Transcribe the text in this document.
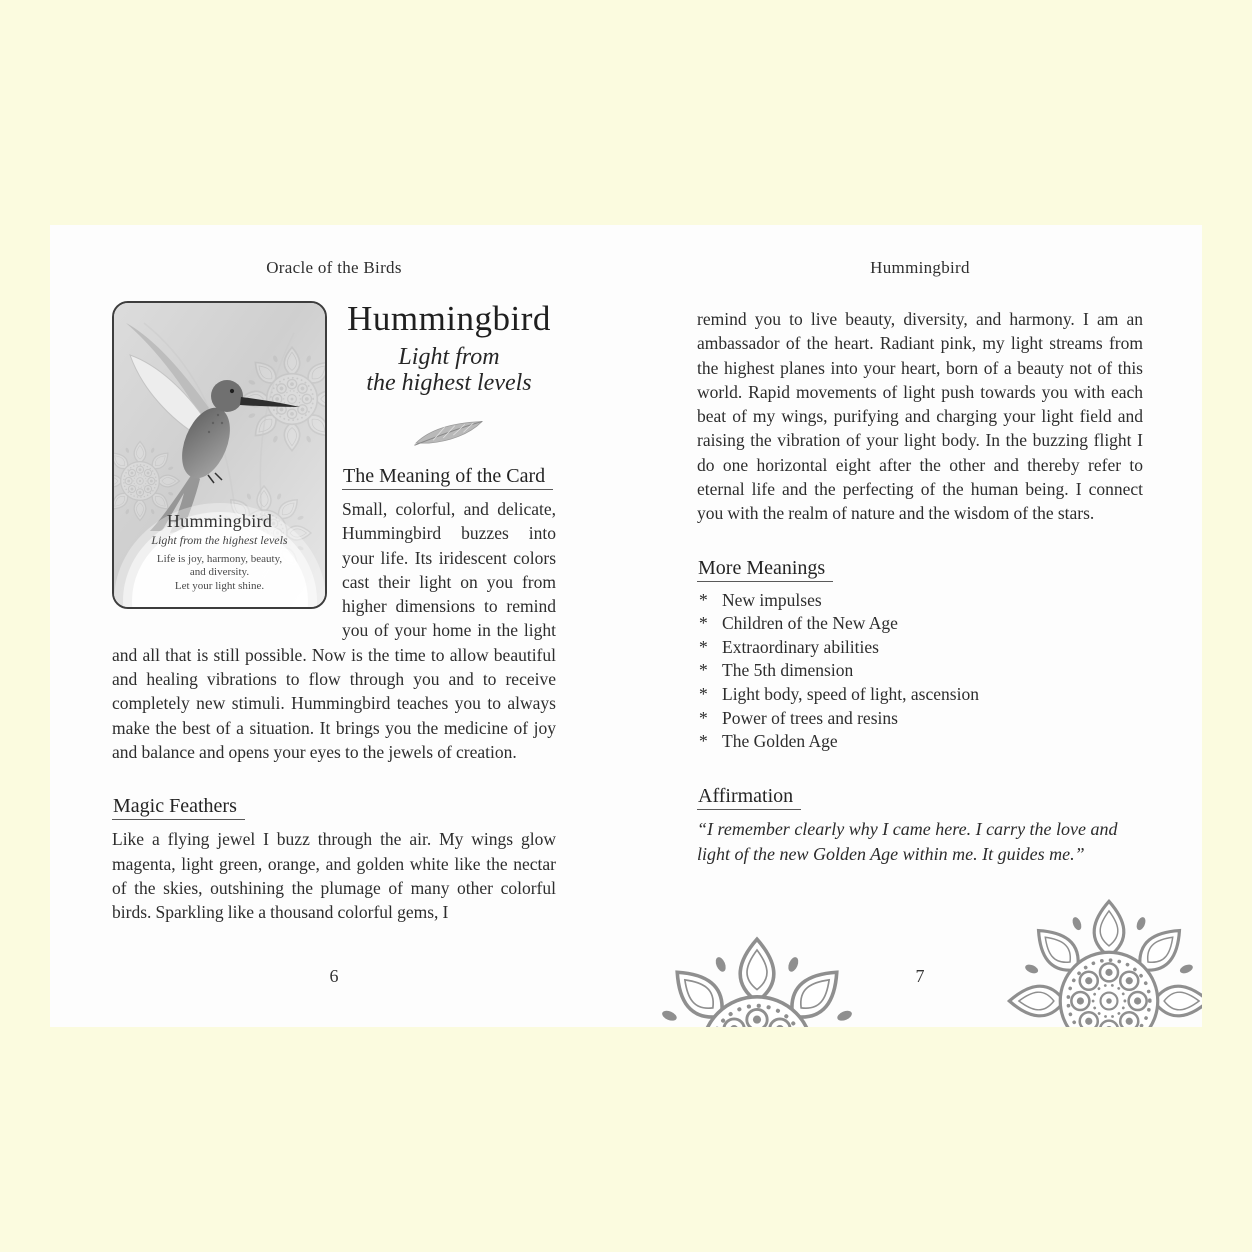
Oracle of the Birds
Hummingbird
Light from the highest levels
Life is joy, harmony, beauty,
and diversity.
Let your light shine.
Hummingbird
Light from
the highest levels
The Meaning of the Card

Small, colorful, and delicate, Hummingbird buzzes into your life. Its iridescent colors cast their light on you from higher dimensions to remind you of your home in the light and all that is still possible. Now is the time to allow beautiful and healing vibrations to flow through you and to receive completely new stimuli. Hummingbird teaches you to always make the best of a situation. It brings you the medicine of joy and balance and opens your eyes to the jewels of creation.

Magic Feathers

Like a flying jewel I buzz through the air. My wings glow magenta, light green, orange, and golden white like the nectar of the skies, outshining the plumage of many other colorful birds. Sparkling like a thousand colorful gems, I

6
Hummingbird

remind you to live beauty, diversity, and harmony. I am an ambassador of the heart. Radiant pink, my light streams from the highest planes into your heart, born of a beauty not of this world. Rapid movements of light push towards you with each beat of my wings, purifying and charging your light field and raising the vibration of your light body. In the buzzing flight I do one horizontal eight after the other and thereby refer to eternal life and the perfecting of the human being. I connect you with the realm of nature and the wisdom of the stars.

More Meanings
* New impulses
* Children of the New Age
* Extraordinary abilities
* The 5th dimension
* Light body, speed of light, ascension
* Power of trees and resins
* The Golden Age
Affirmation

“I remember clearly why I came here. I carry the love and light of the new Golden Age within me. It guides me.”

7
